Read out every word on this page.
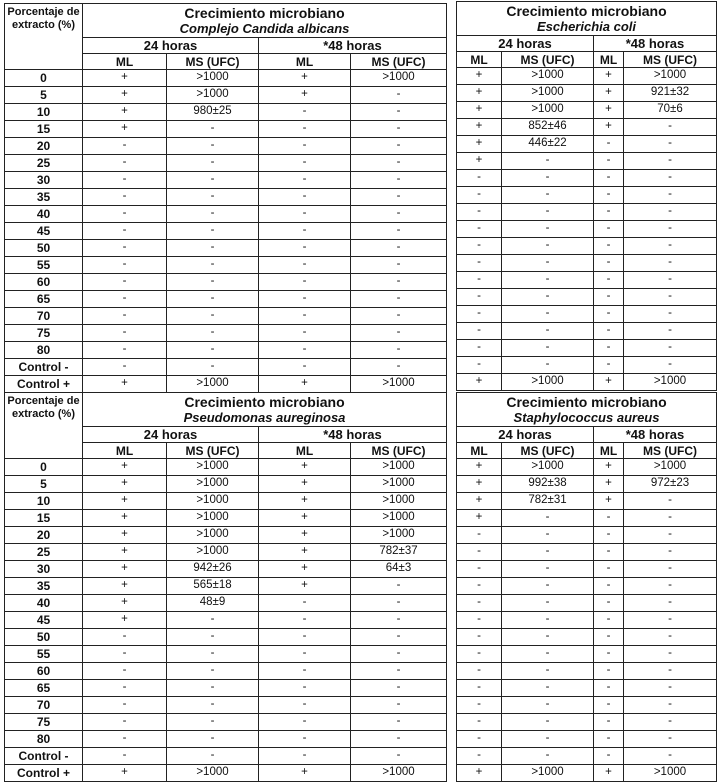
Porcentaje de extracto (%)	Crecimiento microbiano
Complejo Candida albicans			

	24 horas		*48 horas	
	ML	MS (UFC)	ML	MS (UFC)
0	+	>1000	+	>1000
5	+	>1000	+	-
10	+	980±25	-	-
15	+	-	-	-
20	-	-	-	-
25	-	-	-	-
30	-	-	-	-
35	-	-	-	-
40	-	-	-	-
45	-	-	-	-
50	-	-	-	-
55	-	-	-	-
60	-	-	-	-
65	-	-	-	-
70	-	-	-	-
75	-	-	-	-
80	-	-	-	-
Control -	-	-	-	-
Control +	+	>1000	+	>1000
Crecimiento microbiano
Escherichia coli			

24 horas		*48 horas	
ML	MS (UFC)	ML	MS (UFC)
+	>1000	+	>1000
+	>1000	+	921±32
+	>1000	+	70±6
+	852±46	+	-
+	446±22	-	-
+	-	-	-
-	-	-	-
-	-	-	-
-	-	-	-
-	-	-	-
-	-	-	-
-	-	-	-
-	-	-	-
-	-	-	-
-	-	-	-
-	-	-	-
-	-	-	-
-	-	-	-
+	>1000	+	>1000
Porcentaje de extracto (%)	Crecimiento microbiano
Pseudomonas aureginosa			

	24 horas		*48 horas	
	ML	MS (UFC)	ML	MS (UFC)
0	+	>1000	+	>1000
5	+	>1000	+	>1000
10	+	>1000	+	>1000
15	+	>1000	+	>1000
20	+	>1000	+	>1000
25	+	>1000	+	782±37
30	+	942±26	+	64±3
35	+	565±18	+	-
40	+	48±9	-	-
45	+	-	-	-
50	-	-	-	-
55	-	-	-	-
60	-	-	-	-
65	-	-	-	-
70	-	-	-	-
75	-	-	-	-
80	-	-	-	-
Control -	-	-	-	-
Control +	+	>1000	+	>1000
Crecimiento microbiano
Staphylococcus aureus			

24 horas		*48 horas	
ML	MS (UFC)	ML	MS (UFC)
+	>1000	+	>1000
+	992±38	+	972±23
+	782±31	+	-
+	-	-	-
-	-	-	-
-	-	-	-
-	-	-	-
-	-	-	-
-	-	-	-
-	-	-	-
-	-	-	-
-	-	-	-
-	-	-	-
-	-	-	-
-	-	-	-
-	-	-	-
-	-	-	-
-	-	-	-
+	>1000	+	>1000
